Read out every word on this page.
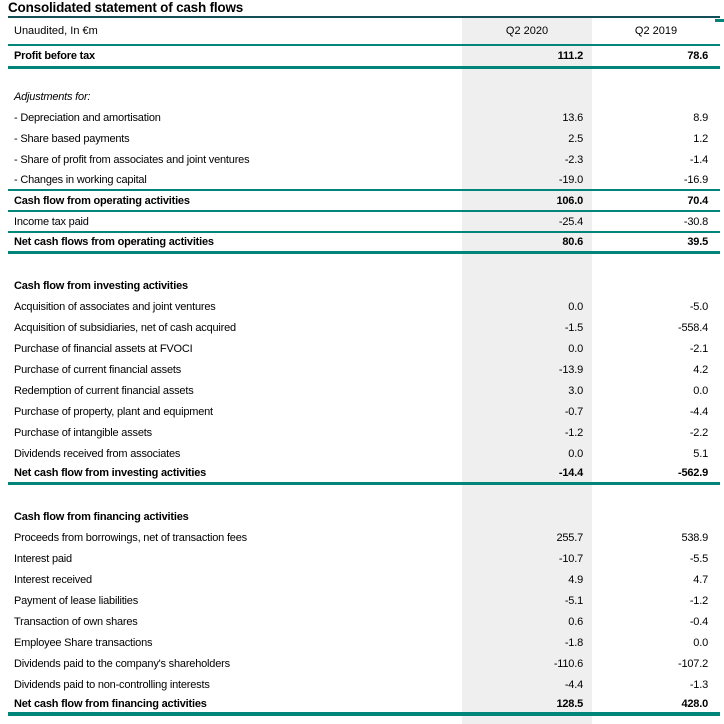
Consolidated statement of cash flows
Unaudited, In €m	Q2 2020	Q2 2019
Profit before tax	111.2	78.6
Adjustments for:
- Depreciation and amortisation	13.6	8.9
- Share based payments	2.5	1.2
- Share of profit from associates and joint ventures	-2.3	-1.4
- Changes in working capital	-19.0	-16.9
Cash flow from operating activities	106.0	70.4
Income tax paid	-25.4	-30.8
Net cash flows from operating activities	80.6	39.5
Cash flow from investing activities
Acquisition of associates and joint ventures	0.0	-5.0
Acquisition of subsidiaries, net of cash acquired	-1.5	-558.4
Purchase of financial assets at FVOCI	0.0	-2.1
Purchase of current financial assets	-13.9	4.2
Redemption of current financial assets	3.0	0.0
Purchase of property, plant and equipment	-0.7	-4.4
Purchase of intangible assets	-1.2	-2.2
Dividends received from associates	0.0	5.1
Net cash flow from investing activities	-14.4	-562.9
Cash flow from financing activities
Proceeds from borrowings, net of transaction fees	255.7	538.9
Interest paid	-10.7	-5.5
Interest received	4.9	4.7
Payment of lease liabilities	-5.1	-1.2
Transaction of own shares	0.6	-0.4
Employee Share transactions	-1.8	0.0
Dividends paid to the company's shareholders	-110.6	-107.2
Dividends paid to non-controlling interests	-4.4	-1.3
Net cash flow from financing activities	128.5	428.0
